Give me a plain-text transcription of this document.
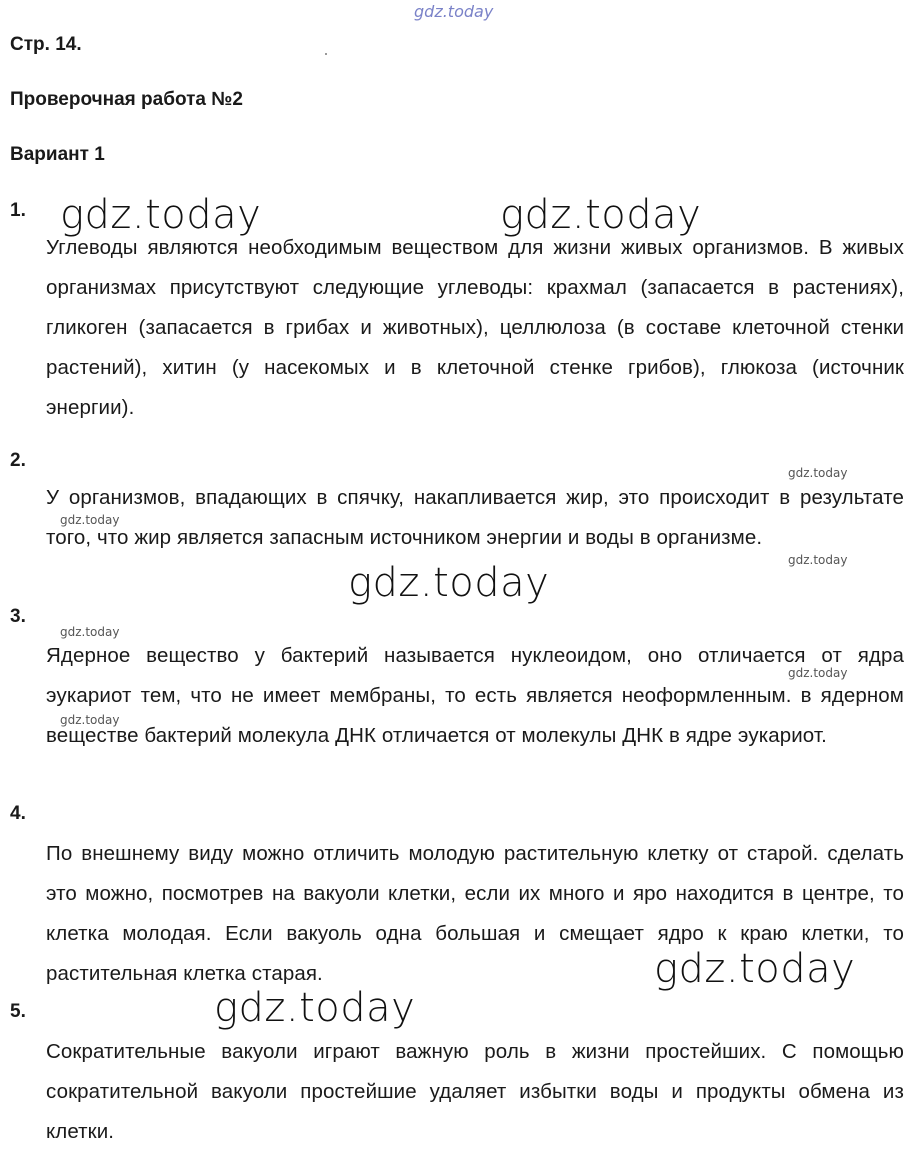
gdz.today
Стр. 14.
Проверочная работа №2
Вариант 1
1.

Углеводы являются необходимым веществом для жизни живых организмов. В живых организмах присутствуют следующие углеводы: крахмал (запасается в растениях), гликоген (запасается в грибах и животных), целлюлоза (в составе клеточной стенки растений), хитин (у насекомых и в клеточной стенке грибов), глюкоза (источник энергии).

2.

У организмов, впадающих в спячку, накапливается жир, это происходит в результате того, что жир является запасным источником энергии и воды в организме.

3.

Ядерное вещество у бактерий называется нуклеоидом, оно отличается от ядра эукариот тем, что не имеет мембраны, то есть является неоформленным. в ядерном веществе бактерий молекула ДНК отличается от молекулы ДНК в ядре эукариот.

4.

По внешнему виду можно отличить молодую растительную клетку от старой. сделать это можно, посмотрев на вакуоли клетки, если их много и яро находится в центре, то клетка молодая. Если вакуоль одна большая и смещает ядро к краю клетки, то растительная клетка старая.

5.

Сократительные вакуоли играют важную роль в жизни простейших. С помощью сократительной вакуоли простейшие удаляет избытки воды и продукты обмена из клетки.

gdz.today	gdz.today
gdz.today
gdz.today
gdz.today
gdz.today
gdz.today
gdz.today
gdz.today
gdz.today
gdz.today
